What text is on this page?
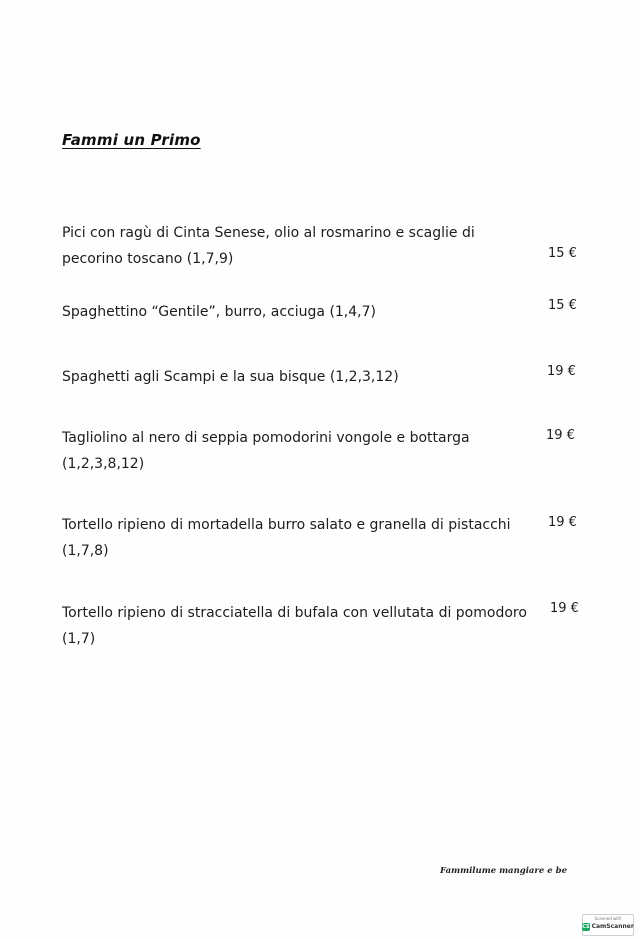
Fammi un Primo
Pici con ragù di Cinta Senese, olio al rosmarino e scaglie di pecorino toscano (1,7,9)	15 €
Spaghettino “Gentile”, burro, acciuga (1,4,7)	15 €
Spaghetti agli Scampi e la sua bisque (1,2,3,12)	19 €
Tagliolino al nero di seppia pomodorini vongole e bottarga (1,2,3,8,12)
19 €
Tortello ripieno di mortadella burro salato e granella di pistacchi (1,7,8)
19 €
Tortello ripieno di stracciatella di bufala con vellutata di pomodoro (1,7)
19 €
Fammilume mangiare e be
Scanned with
CS CamScanner
